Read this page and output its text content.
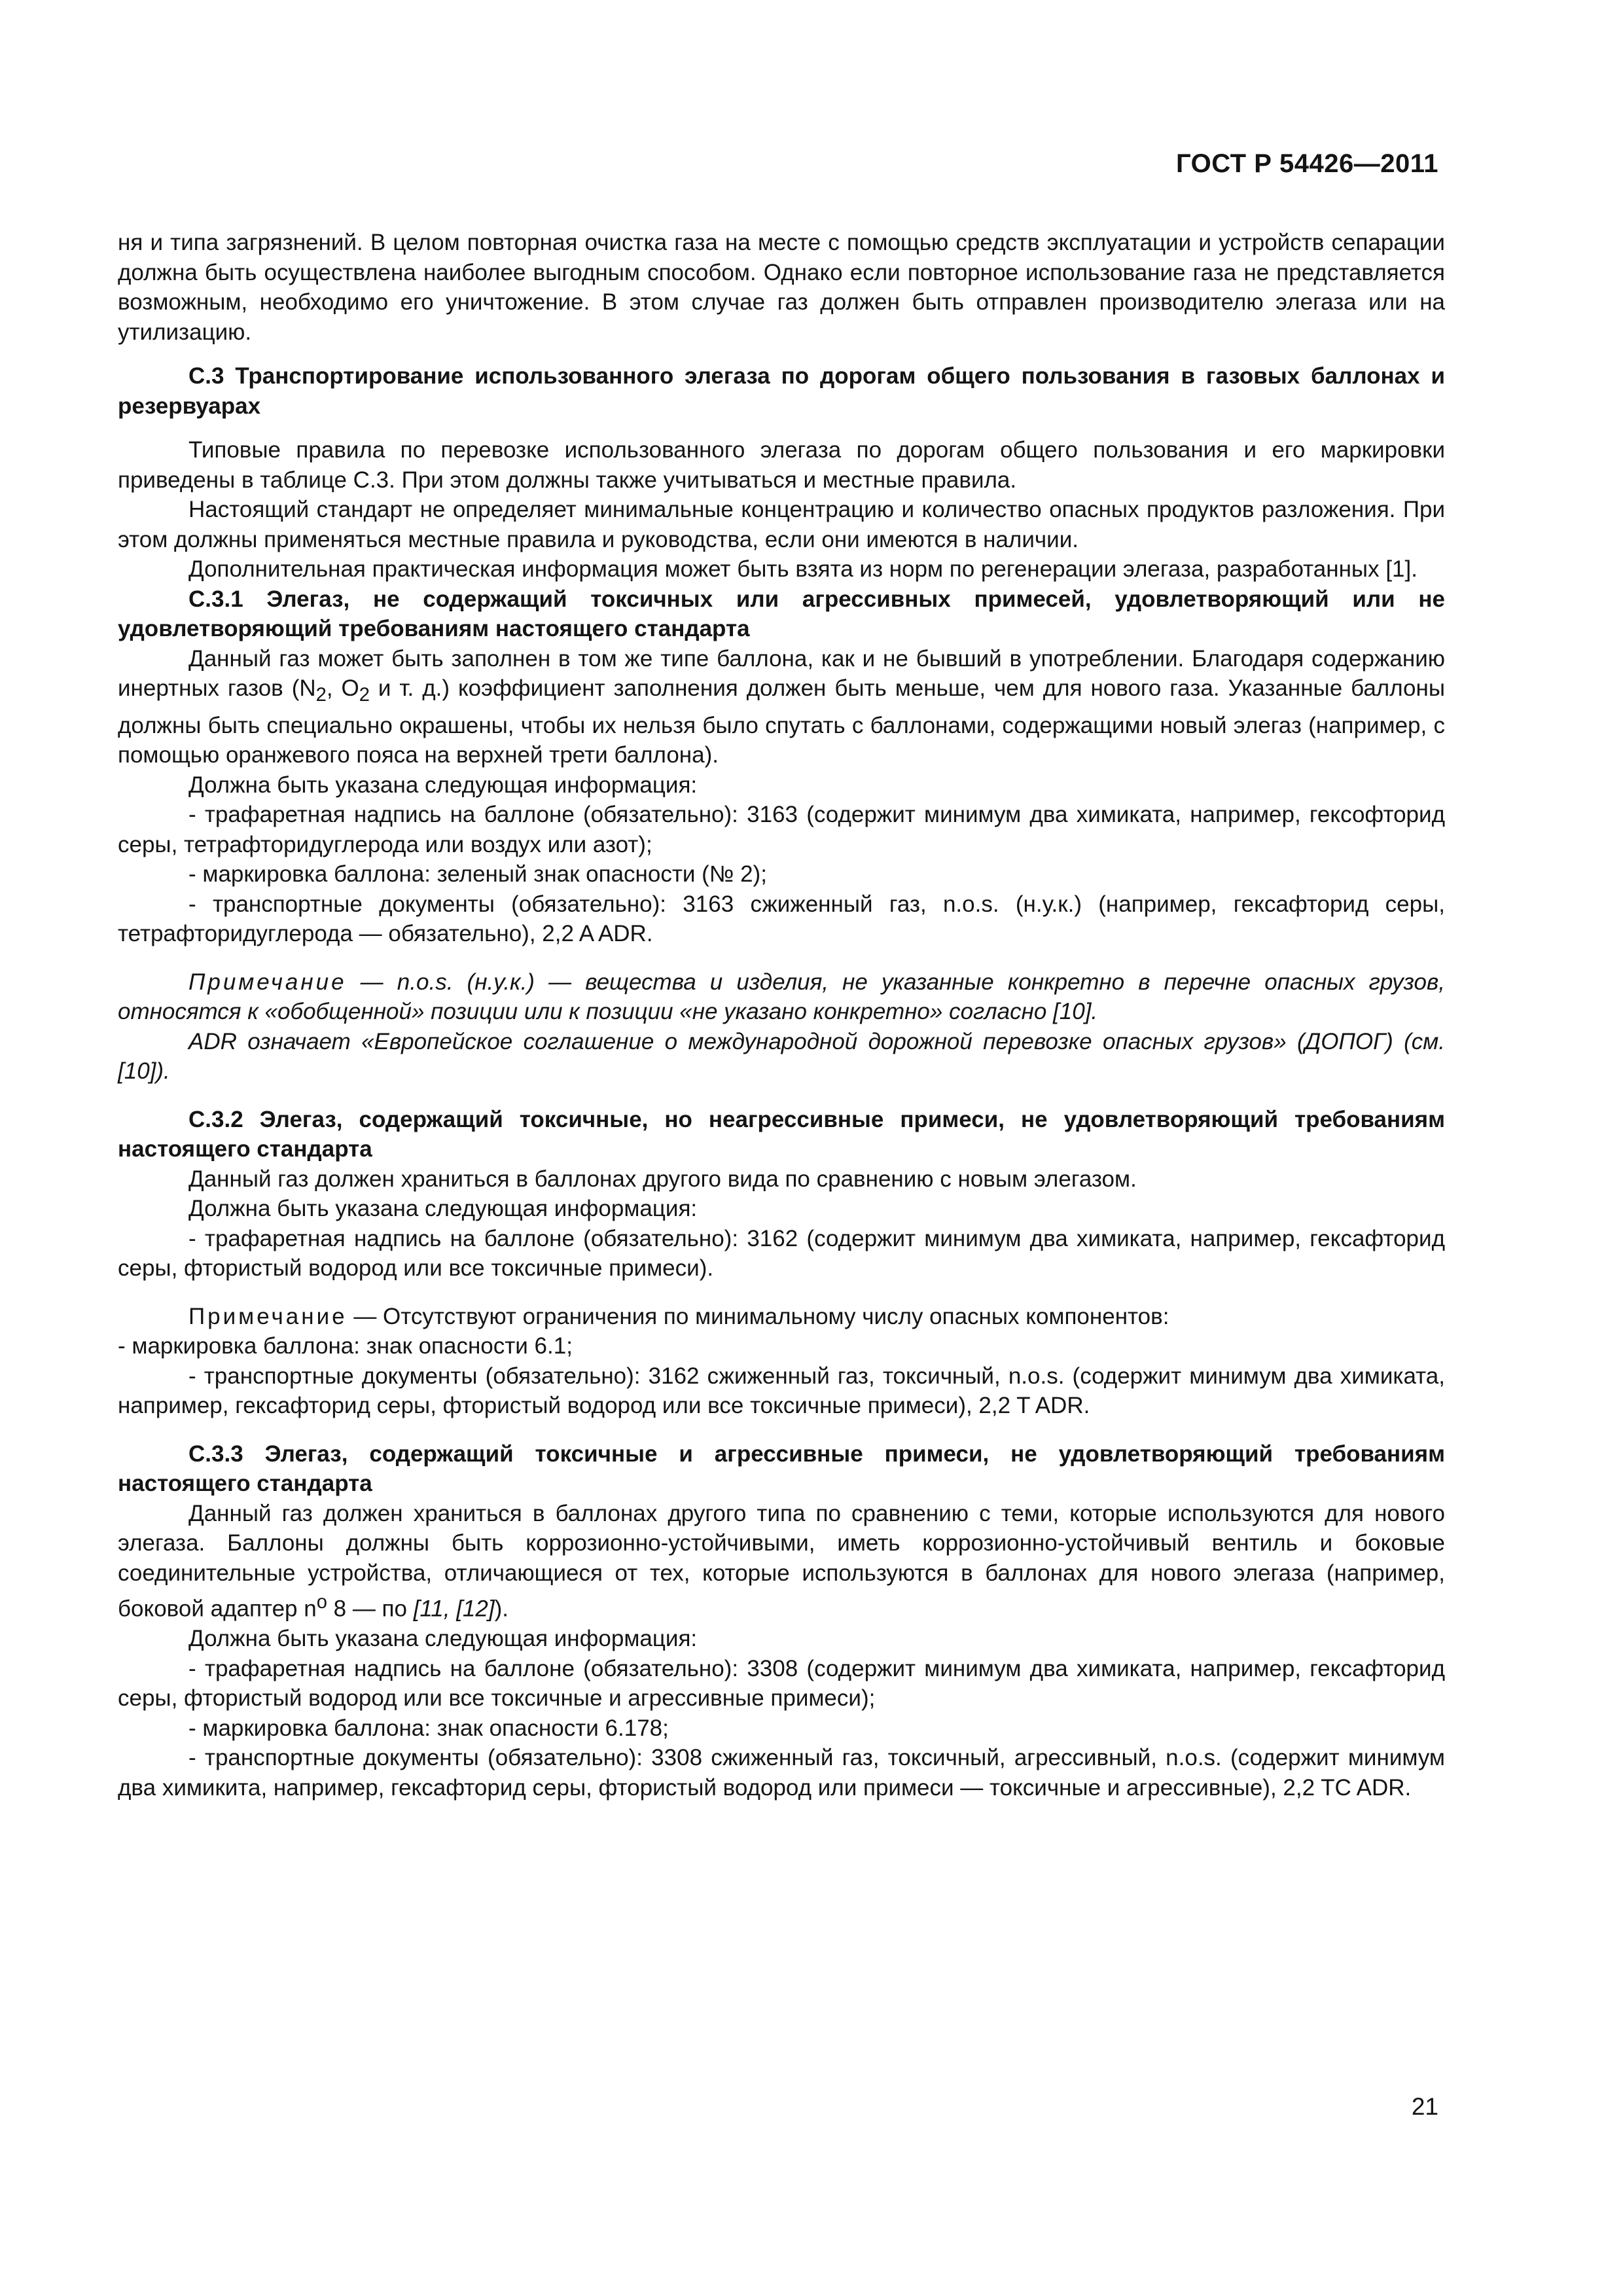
ГОСТ Р 54426—2011

ня и типа загрязнений. В целом повторная очистка газа на месте с помощью средств эксплуатации и устройств сепарации должна быть осуществлена наиболее выгодным способом. Однако если повторное использование газа не представляется возможным, необходимо его уничтожение. В этом случае газ должен быть отправлен производителю элегаза или на утилизацию.

С.3 Транспортирование использованного элегаза по дорогам общего пользования в газовых баллонах и резервуарах

Типовые правила по перевозке использованного элегаза по дорогам общего пользования и его маркировки приведены в таблице С.3. При этом должны также учитываться и местные правила.

Настоящий стандарт не определяет минимальные концентрацию и количество опасных продуктов разложения. При этом должны применяться местные правила и руководства, если они имеются в наличии.

Дополнительная практическая информация может быть взята из норм по регенерации элегаза, разработанных [1].

С.3.1 Элегаз, не содержащий токсичных или агрессивных примесей, удовлетворяющий или не удовлетворяющий требованиям настоящего стандарта

Данный газ может быть заполнен в том же типе баллона, как и не бывший в употреблении. Благодаря содержанию инертных газов ($N_2$, $O_2$ и т. д.) коэффициент заполнения должен быть меньше, чем для нового газа. Указанные баллоны должны быть специально окрашены, чтобы их нельзя было спутать с баллонами, содержащими новый элегаз (например, с помощью оранжевого пояса на верхней трети баллона).

Должна быть указана следующая информация:

- трафаретная надпись на баллоне (обязательно): 3163 (содержит минимум два химиката, например, гексофторид серы, тетрафторидуглерода или воздух или азот);

- маркировка баллона: зеленый знак опасности (№ 2);

- транспортные документы (обязательно): 3163 сжиженный газ, n.o.s. (н.у.к.) (например, гексафторид серы, тетрафторидуглерода — обязательно), 2,2 A ADR.

Примечание — n.o.s. (н.у.к.) — вещества и изделия, не указанные конкретно в перечне опасных грузов, относятся к «обобщенной» позиции или к позиции «не указано конкретно» согласно [10].

ADR означает «Европейское соглашение о международной дорожной перевозке опасных грузов» (ДОПОГ) (см. [10]).

С.3.2 Элегаз, содержащий токсичные, но неагрессивные примеси, не удовлетворяющий требованиям настоящего стандарта

Данный газ должен храниться в баллонах другого вида по сравнению с новым элегазом.

Должна быть указана следующая информация:

- трафаретная надпись на баллоне (обязательно): 3162 (содержит минимум два химиката, например, гексафторид серы, фтористый водород или все токсичные примеси).

Примечание — Отсутствуют ограничения по минимальному числу опасных компонентов:

- маркировка баллона: знак опасности 6.1;

- транспортные документы (обязательно): 3162 сжиженный газ, токсичный, n.o.s. (содержит минимум два химиката, например, гексафторид серы, фтористый водород или все токсичные примеси), 2,2 T ADR.

С.3.3 Элегаз, содержащий токсичные и агрессивные примеси, не удовлетворяющий требованиям настоящего стандарта

Данный газ должен храниться в баллонах другого типа по сравнению с теми, которые используются для нового элегаза. Баллоны должны быть коррозионно-устойчивыми, иметь коррозионно-устойчивый вентиль и боковые соединительные устройства, отличающиеся от тех, которые используются в баллонах для нового элегаза (например, боковой адаптер $n^o$ 8 — по [11, [12]).

Должна быть указана следующая информация:

- трафаретная надпись на баллоне (обязательно): 3308 (содержит минимум два химиката, например, гексафторид серы, фтористый водород или все токсичные и агрессивные примеси);

- маркировка баллона: знак опасности 6.178;

- транспортные документы (обязательно): 3308 сжиженный газ, токсичный, агрессивный, n.o.s. (содержит минимум два химикита, например, гексафторид серы, фтористый водород или примеси — токсичные и агрессивные), 2,2 TC ADR.

21
